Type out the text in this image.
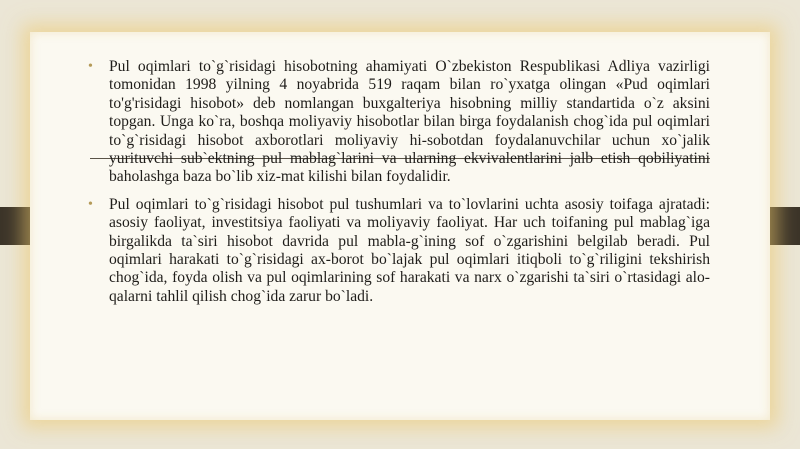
• Pul oqimlari to`g`risidagi hisobotning ahamiyati O`zbekiston Respublikasi Adliya vazirligi tomonidan 1998 yilning 4 noyabrida 519 raqam bilan ro`yxatga olingan «Pud oqimlari to'g'risidagi hisobot» deb nomlangan buxgalteriya hisobning milliy standartida o`z aksini topgan. Unga ko`ra, boshqa moliyaviy hisobotlar bilan birga foydalanish chog`ida pul oqimlari to`g`risidagi hisobot axborotlari moliyaviy hi-sobotdan foydalanuvchilar uchun xo`jalik yurituvchi sub`ektning pul mablag`larini va ularning ekvivalentlarini jalb etish qobiliyatini baholashga baza bo`lib xiz-mat kilishi bilan foydalidir.

• Pul oqimlari to`g`risidagi hisobot pul tushumlari va to`lovlarini uchta asosiy toifaga ajratadi: asosiy faoliyat, investitsiya faoliyati va moliyaviy faoliyat. Har uch toifaning pul mablag`iga birgalikda ta`siri hisobot davrida pul mabla-g`ining sof o`zgarishini belgilab beradi. Pul oqimlari harakati to`g`risidagi ax-borot bo`lajak pul oqimlari itiqboli to`g`riligini tekshirish chog`ida, foyda olish va pul oqimlarining sof harakati va narx o`zgarishi ta`siri o`rtasidagi alo-qalarni tahlil qilish chog`ida zarur bo`ladi.
